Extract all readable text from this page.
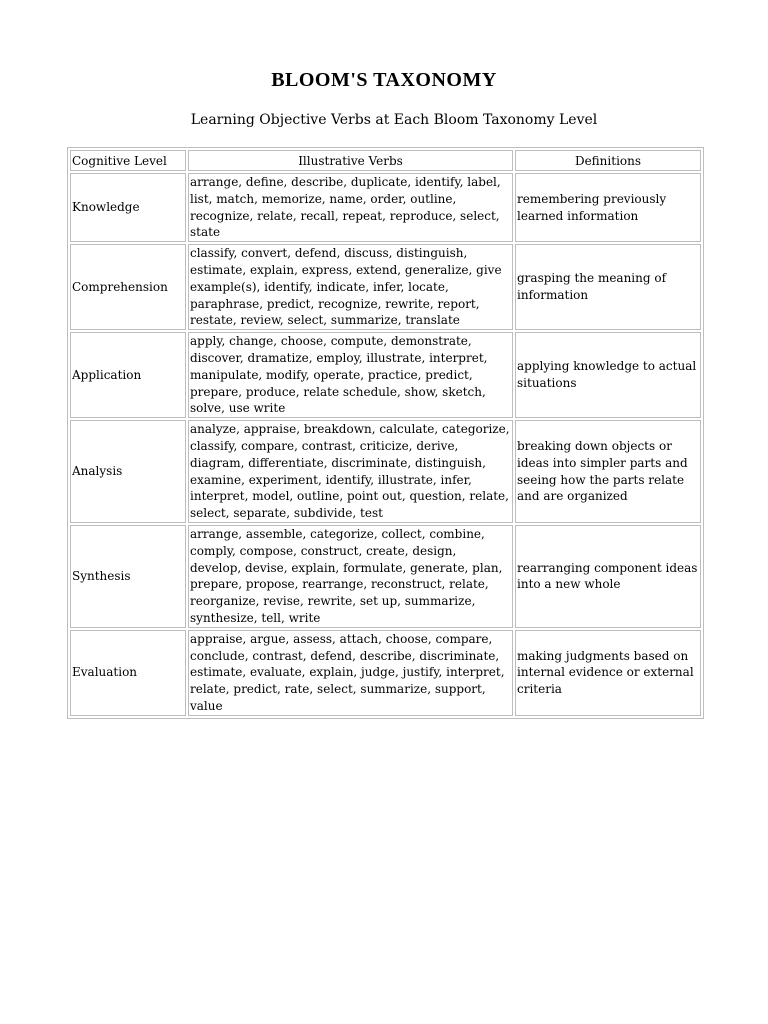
BLOOM'S TAXONOMY
Learning Objective Verbs at Each Bloom Taxonomy Level
Cognitive Level	Illustrative Verbs	Definitions
Knowledge	arrange, define, describe, duplicate, identify, label, list, match, memorize, name, order, outline, recognize, relate, recall, repeat, reproduce, select, state	remembering previously learned information
Comprehension	classify, convert, defend, discuss, distinguish, estimate, explain, express, extend, generalize, give example(s), identify, indicate, infer, locate, paraphrase, predict, recognize, rewrite, report, restate, review, select, summarize, translate	grasping the meaning of information
Application	apply, change, choose, compute, demonstrate, discover, dramatize, employ, illustrate, interpret, manipulate, modify, operate, practice, predict, prepare, produce, relate schedule, show, sketch, solve, use write	applying knowledge to actual situations
Analysis	analyze, appraise, breakdown, calculate, categorize, classify, compare, contrast, criticize, derive, diagram, differentiate, discriminate, distinguish, examine, experiment, identify, illustrate, infer, interpret, model, outline, point out, question, relate, select, separate, subdivide, test	breaking down objects or ideas into simpler parts and seeing how the parts relate and are organized
Synthesis	arrange, assemble, categorize, collect, combine, comply, compose, construct, create, design, develop, devise, explain, formulate, generate, plan, prepare, propose, rearrange, reconstruct, relate, reorganize, revise, rewrite, set up, summarize, synthesize, tell, write	rearranging component ideas into a new whole
Evaluation	appraise, argue, assess, attach, choose, compare, conclude, contrast, defend, describe, discriminate, estimate, evaluate, explain, judge, justify, interpret, relate, predict, rate, select, summarize, support, value	making judgments based on internal evidence or external criteria
